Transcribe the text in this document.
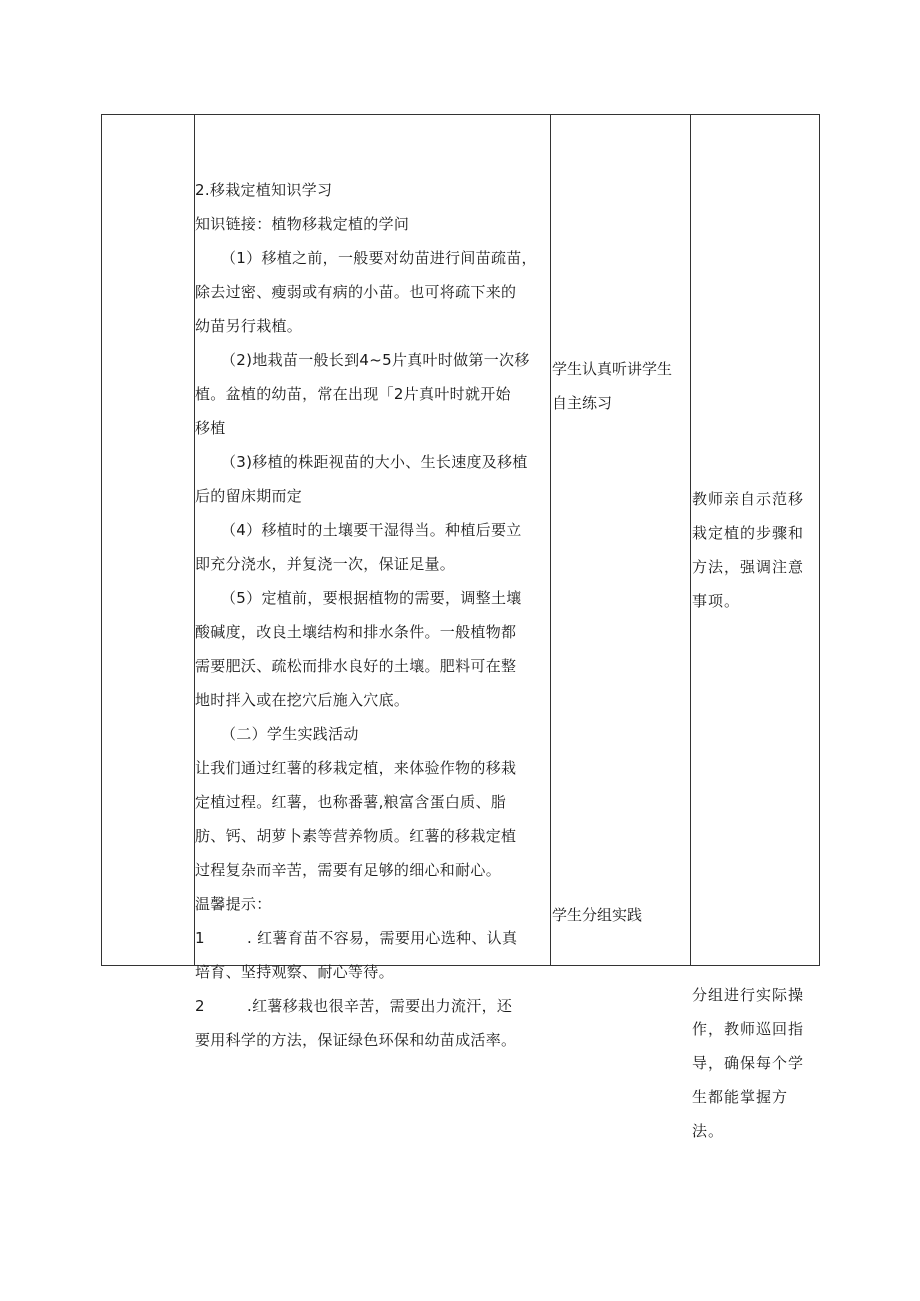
2.移栽定植知识学习
知识链接：植物移栽定植的学问
（1）移植之前，一般要对幼苗进行间苗疏苗，
除去过密、瘦弱或有病的小苗。也可将疏下来的
幼苗另行栽植。
（2)地栽苗一般长到4~5片真叶时做第一次移
植。盆植的幼苗，常在出现「2片真叶时就开始
移植
（3)移植的株距视苗的大小、生长速度及移植
后的留床期而定
（4）移植时的土壤要干湿得当。种植后要立
即充分浇水，并复浇一次，保证足量。
（5）定植前，要根据植物的需要，调整土壤
酸碱度，改良土壤结构和排水条件。一般植物都
需要肥沃、疏松而排水良好的土壤。肥料可在整
地时拌入或在挖穴后施入穴底。
（二）学生实践活动
让我们通过红薯的移栽定植，来体验作物的移栽
定植过程。红薯，也称番薯,粮富含蛋白质、脂
肪、钙、胡萝卜素等营养物质。红薯的移栽定植
过程复杂而辛苦，需要有足够的细心和耐心。
温馨提示：
1	. 红薯育苗不容易，需要用心选种、认真
培育、坚持观察、耐心等待。
2	.红薯移栽也很辛苦，需要出力流汗，还
要用科学的方法，保证绿色环保和幼苗成活率。
学生认真听讲学生
自主练习
学生分组实践
教师亲自示范移
栽定植的步骤和
方法，强调注意
事项。
分组进行实际操
作，教师巡回指
导，确保每个学
生都能掌握方
法。
